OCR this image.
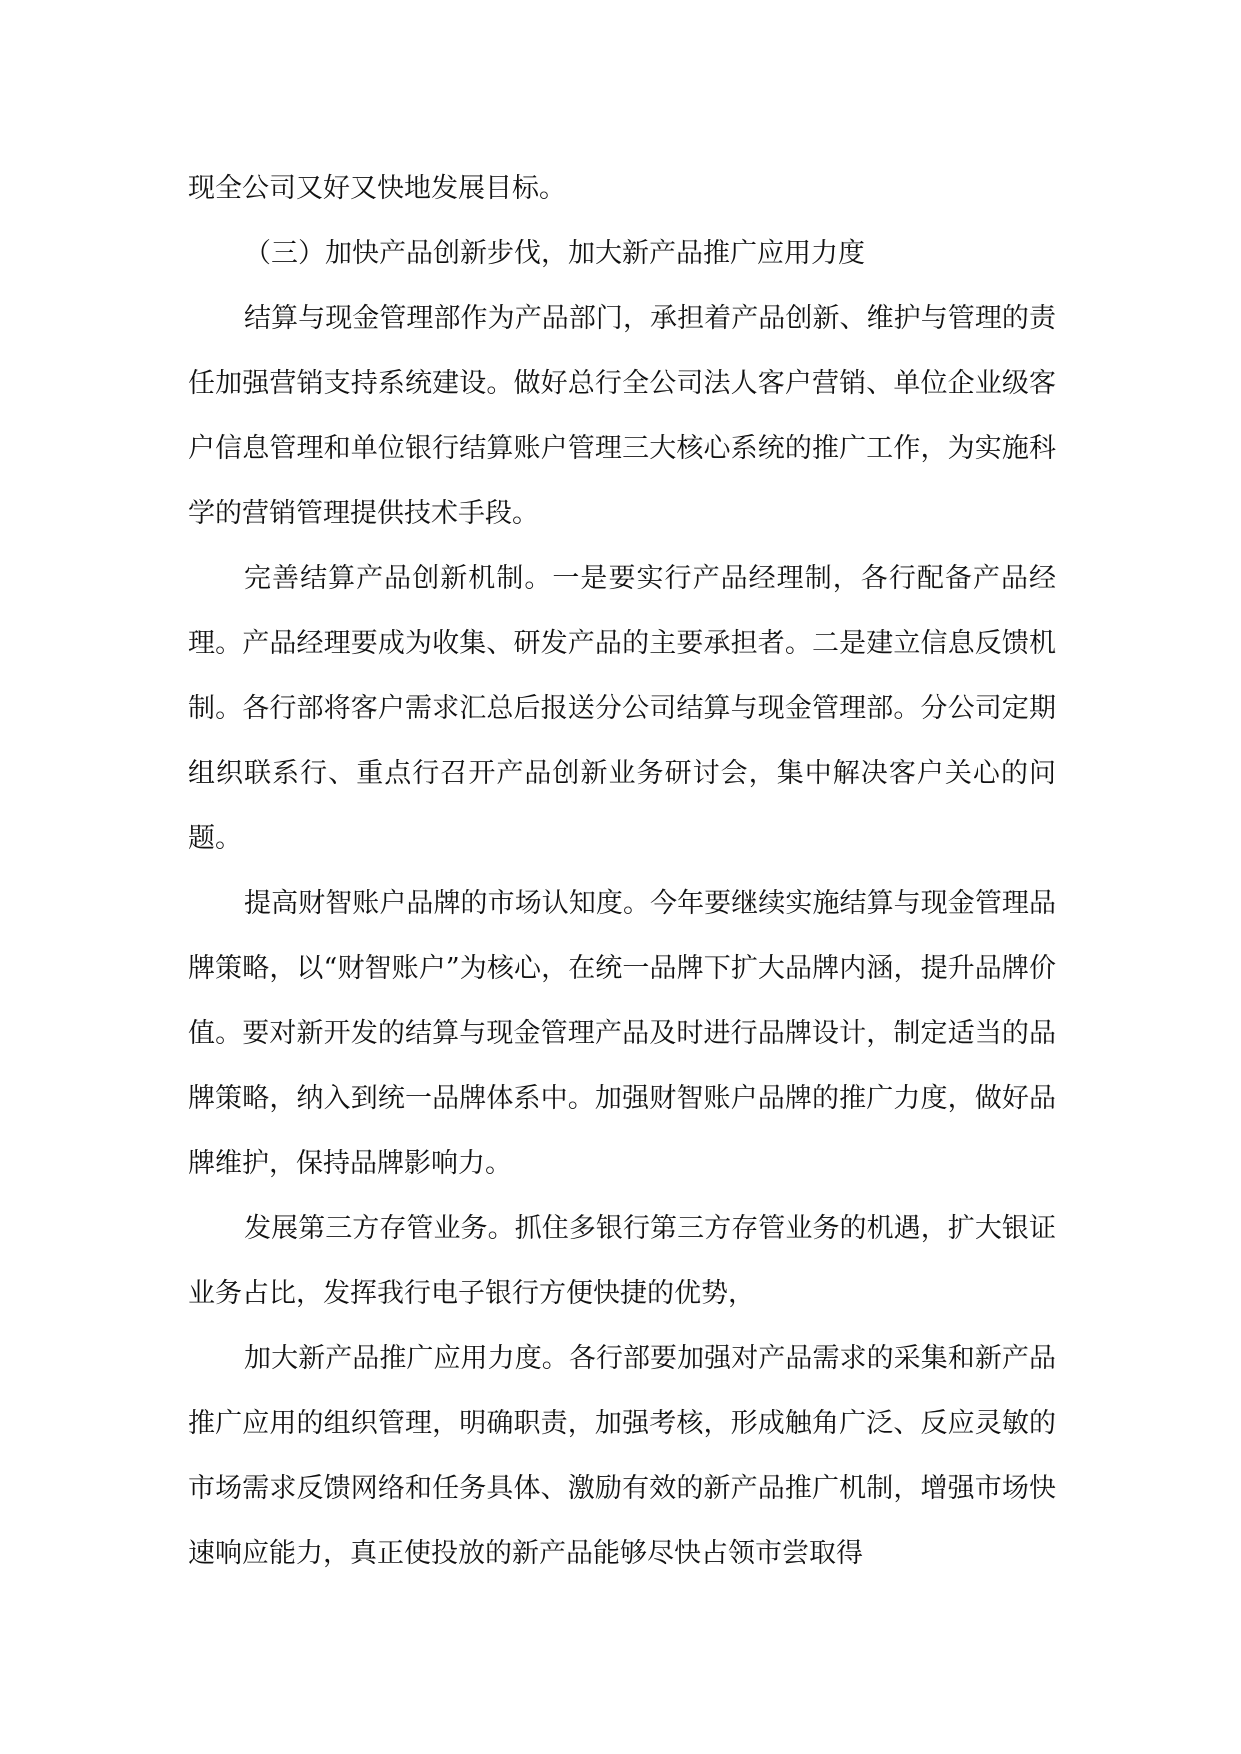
现全公司又好又快地发展目标。

（三）加快产品创新步伐，加大新产品推广应用力度

结算与现金管理部作为产品部门，承担着产品创新、维护与管理的责任加强营销支持系统建设。做好总行全公司法人客户营销、单位企业级客户信息管理和单位银行结算账户管理三大核心系统的推广工作，为实施科学的营销管理提供技术手段。

完善结算产品创新机制。一是要实行产品经理制，各行配备产品经理。产品经理要成为收集、研发产品的主要承担者。二是建立信息反馈机制。各行部将客户需求汇总后报送分公司结算与现金管理部。分公司定期组织联系行、重点行召开产品创新业务研讨会，集中解决客户关心的问题。

提高财智账户品牌的市场认知度。今年要继续实施结算与现金管理品牌策略，以“财智账户”为核心，在统一品牌下扩大品牌内涵，提升品牌价值。要对新开发的结算与现金管理产品及时进行品牌设计，制定适当的品牌策略，纳入到统一品牌体系中。加强财智账户品牌的推广力度，做好品牌维护，保持品牌影响力。

发展第三方存管业务。抓住多银行第三方存管业务的机遇，扩大银证业务占比，发挥我行电子银行方便快捷的优势，

加大新产品推广应用力度。各行部要加强对产品需求的采集和新产品推广应用的组织管理，明确职责，加强考核，形成触角广泛、反应灵敏的市场需求反馈网络和任务具体、激励有效的新产品推广机制，增强市场快速响应能力，真正使投放的新产品能够尽快占领市尝取得
